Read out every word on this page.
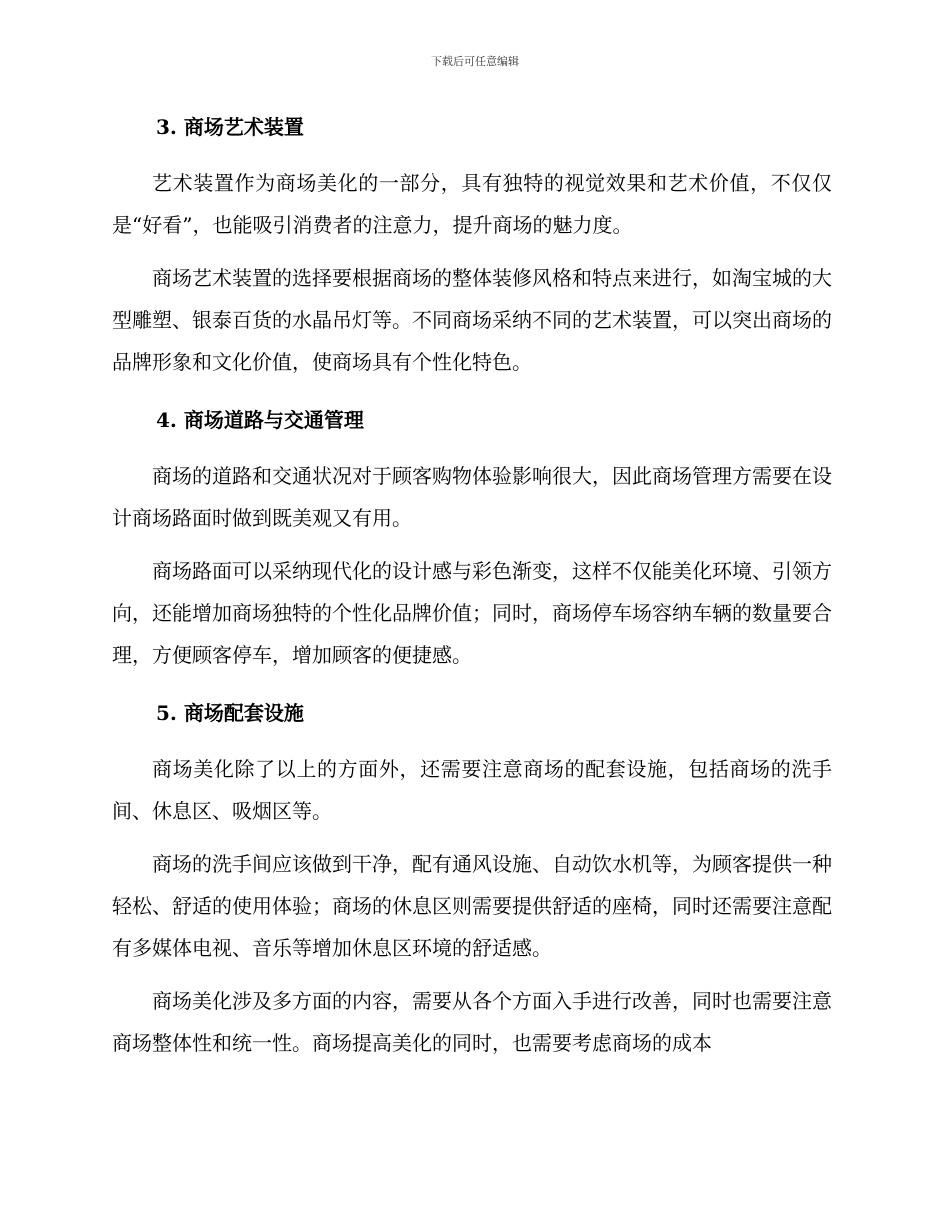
下载后可任意编辑
3. 商场艺术装置

艺术装置作为商场美化的一部分，具有独特的视觉效果和艺术价值，不仅仅是“好看”，也能吸引消费者的注意力，提升商场的魅力度。

商场艺术装置的选择要根据商场的整体装修风格和特点来进行，如淘宝城的大型雕塑、银泰百货的水晶吊灯等。不同商场采纳不同的艺术装置，可以突出商场的品牌形象和文化价值，使商场具有个性化特色。

4. 商场道路与交通管理

商场的道路和交通状况对于顾客购物体验影响很大，因此商场管理方需要在设计商场路面时做到既美观又有用。

商场路面可以采纳现代化的设计感与彩色渐变，这样不仅能美化环境、引领方向，还能增加商场独特的个性化品牌价值；同时，商场停车场容纳车辆的数量要合理，方便顾客停车，增加顾客的便捷感。

5. 商场配套设施

商场美化除了以上的方面外，还需要注意商场的配套设施，包括商场的洗手间、休息区、吸烟区等。

商场的洗手间应该做到干净，配有通风设施、自动饮水机等，为顾客提供一种轻松、舒适的使用体验；商场的休息区则需要提供舒适的座椅，同时还需要注意配有多媒体电视、音乐等增加休息区环境的舒适感。

商场美化涉及多方面的内容，需要从各个方面入手进行改善，同时也需要注意商场整体性和统一性。商场提高美化的同时，也需要考虑商场的成本
